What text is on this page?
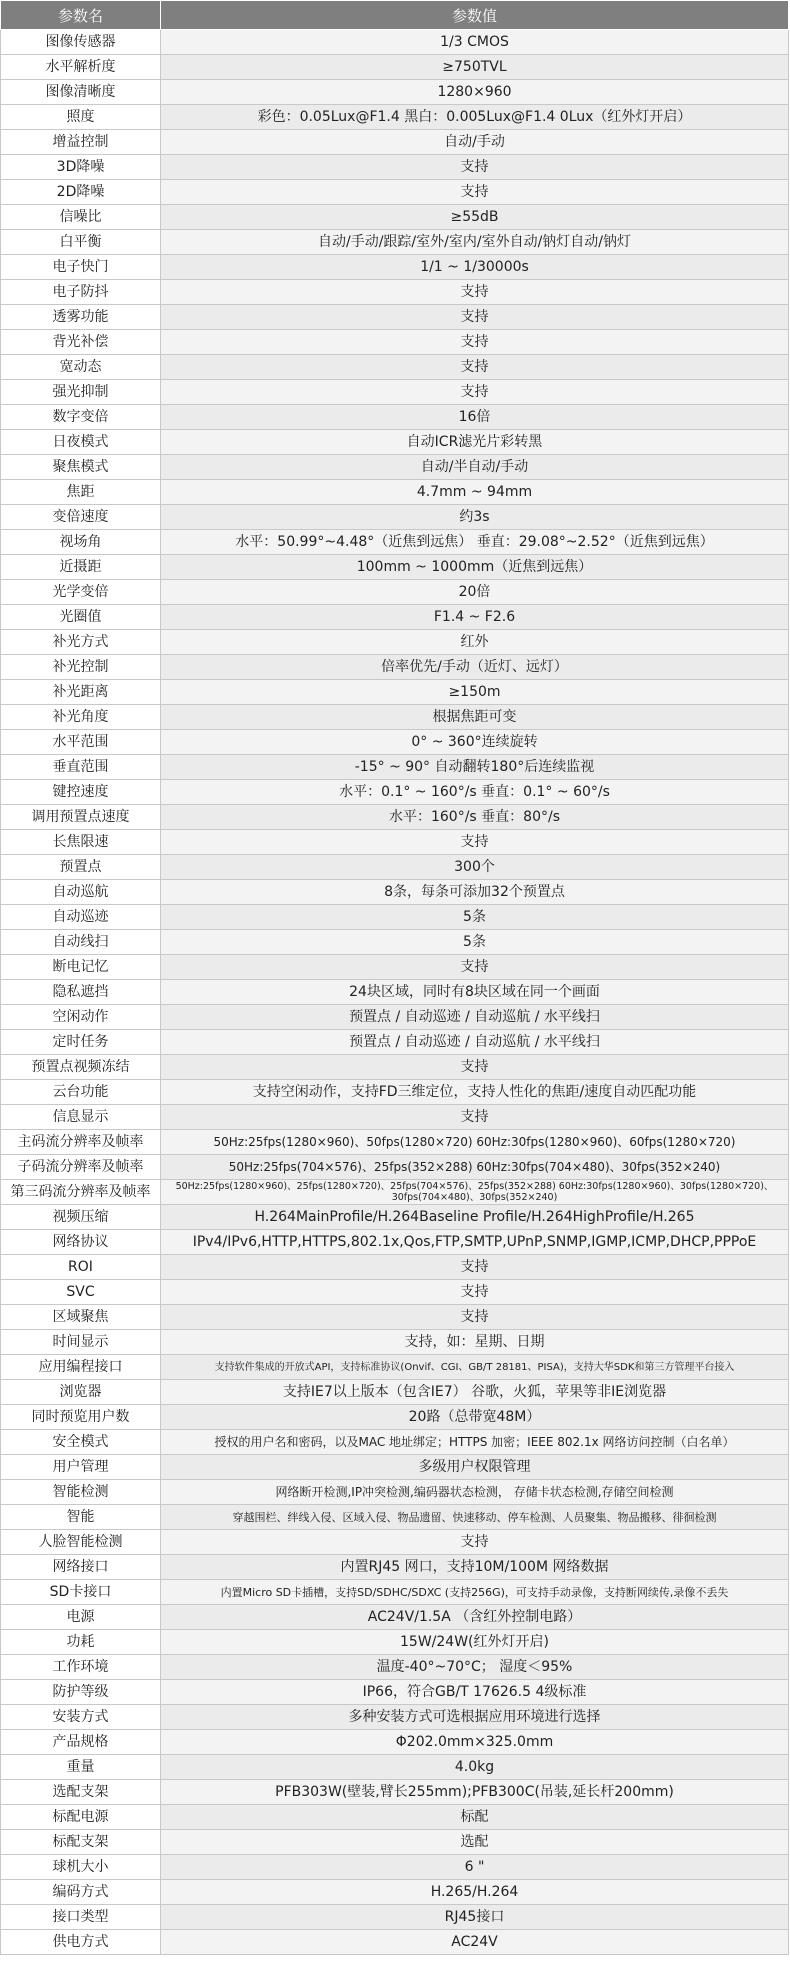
参数名	参数值
图像传感器	1/3 CMOS
水平解析度	≥750TVL
图像清晰度	1280×960
照度	彩色：0.05Lux@F1.4 黑白：0.005Lux@F1.4 0Lux（红外灯开启）
增益控制	自动/手动
3D降噪	支持
2D降噪	支持
信噪比	≥55dB
白平衡	自动/手动/跟踪/室外/室内/室外自动/钠灯自动/钠灯
电子快门	1/1 ~ 1/30000s
电子防抖	支持
透雾功能	支持
背光补偿	支持
宽动态	支持
强光抑制	支持
数字变倍	16倍
日夜模式	自动ICR滤光片彩转黑
聚焦模式	自动/半自动/手动
焦距	4.7mm ~ 94mm
变倍速度	约3s
视场角	水平：50.99°~4.48°（近焦到远焦） 垂直：29.08°~2.52°（近焦到远焦）
近摄距	100mm ~ 1000mm（近焦到远焦）
光学变倍	20倍
光圈值	F1.4 ~ F2.6
补光方式	红外
补光控制	倍率优先/手动（近灯、远灯）
补光距离	≥150m
补光角度	根据焦距可变
水平范围	0° ~ 360°连续旋转
垂直范围	-15° ~ 90° 自动翻转180°后连续监视
键控速度	水平：0.1° ~ 160°/s 垂直：0.1° ~ 60°/s
调用预置点速度	水平：160°/s 垂直：80°/s
长焦限速	支持
预置点	300个
自动巡航	8条，每条可添加32个预置点
自动巡迹	5条
自动线扫	5条
断电记忆	支持
隐私遮挡	24块区域，同时有8块区域在同一个画面
空闲动作	预置点 / 自动巡迹 / 自动巡航 / 水平线扫
定时任务	预置点 / 自动巡迹 / 自动巡航 / 水平线扫
预置点视频冻结	支持
云台功能	支持空闲动作，支持FD三维定位，支持人性化的焦距/速度自动匹配功能
信息显示	支持
主码流分辨率及帧率	50Hz:25fps(1280×960)、50fps(1280×720) 60Hz:30fps(1280×960)、60fps(1280×720)
子码流分辨率及帧率	50Hz:25fps(704×576)、25fps(352×288) 60Hz:30fps(704×480)、30fps(352×240)
第三码流分辨率及帧率	50Hz:25fps(1280×960)、25fps(1280×720)、25fps(704×576)、25fps(352×288) 60Hz:30fps(1280×960)、30fps(1280×720)、30fps(704×480)、30fps(352×240)
视频压缩	H.264MainProfile/H.264Baseline Profile/H.264HighProfile/H.265
网络协议	IPv4/IPv6,HTTP,HTTPS,802.1x,Qos,FTP,SMTP,UPnP,SNMP,IGMP,ICMP,DHCP,PPPoE
ROI	支持
SVC	支持
区域聚焦	支持
时间显示	支持，如：星期、日期
应用编程接口	支持软件集成的开放式API，支持标准协议(Onvif、CGI、GB/T 28181、PISA)，支持大华SDK和第三方管理平台接入
浏览器	支持IE7以上版本（包含IE7） 谷歌，火狐，苹果等非IE浏览器
同时预览用户数	20路（总带宽48M）
安全模式	授权的用户名和密码，以及MAC 地址绑定；HTTPS 加密；IEEE 802.1x 网络访问控制（白名单）
用户管理	多级用户权限管理
智能检测	网络断开检测,IP冲突检测,编码器状态检测， 存储卡状态检测,存储空间检测
智能	穿越围栏、绊线入侵、区域入侵、物品遗留、快速移动、停车检测、人员聚集、物品搬移、徘徊检测
人脸智能检测	支持
网络接口	内置RJ45 网口，支持10M/100M 网络数据
SD卡接口	内置Micro SD卡插槽，支持SD/SDHC/SDXC (支持256G)，可支持手动录像，支持断网续传,录像不丢失
电源	AC24V/1.5A （含红外控制电路）
功耗	15W/24W(红外灯开启)
工作环境	温度-40°~70°C； 湿度＜95%
防护等级	IP66，符合GB/T 17626.5 4级标准
安装方式	多种安装方式可选根据应用环境进行选择
产品规格	Φ202.0mm×325.0mm
重量	4.0kg
选配支架	PFB303W(壁装,臂长255mm);PFB300C(吊装,延长杆200mm)
标配电源	标配
标配支架	选配
球机大小	6 "
编码方式	H.265/H.264
接口类型	RJ45接口
供电方式	AC24V
